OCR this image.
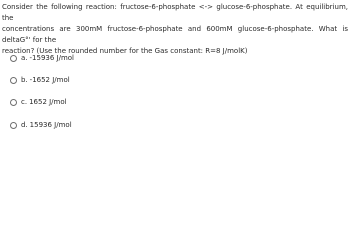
Consider the following reaction: fructose-6-phosphate <-> glucose-6-phosphate. At equilibrium, the
concentrations are 300mM fructose-6-phosphate and 600mM glucose-6-phosphate. What is deltaG°' for the
reaction? (Use the rounded number for the Gas constant: R=8 J/molK)
a. -15936 J/mol
b. -1652 J/mol
c. 1652 J/mol
d. 15936 J/mol
